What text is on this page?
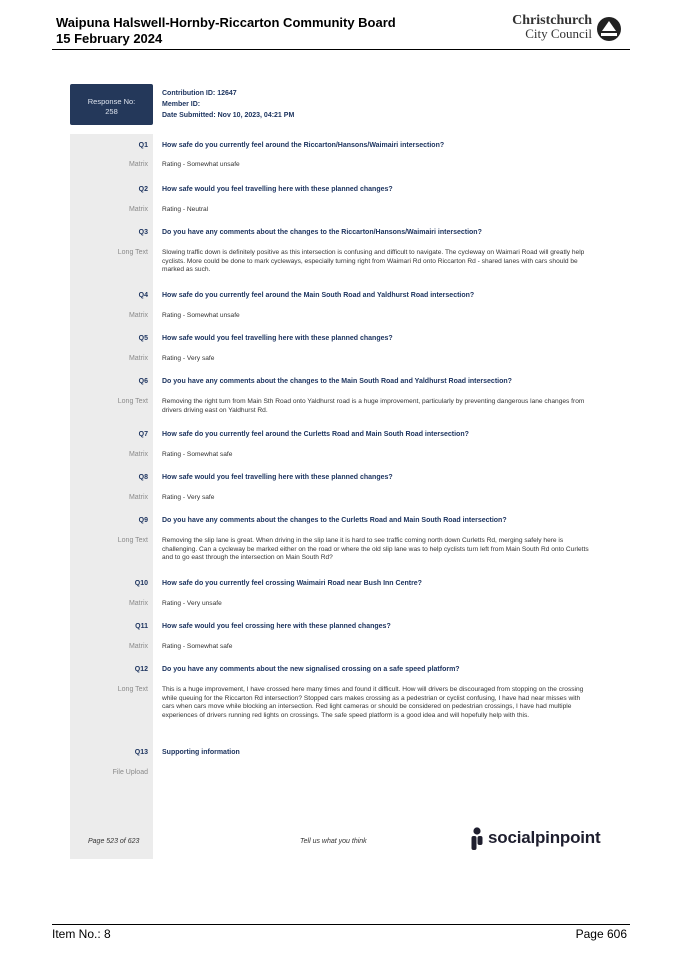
Waipuna Halswell-Hornby-Riccarton Community Board
15 February 2024
Christchurch
City Council
Response No:
258
Contribution ID: 12647
Member ID:
Date Submitted: Nov 10, 2023, 04:21 PM
Q1 How safe do you currently feel around the Riccarton/Hansons/Waimairi intersection?
Matrix Rating - Somewhat unsafe
Q2 How safe would you feel travelling here with these planned changes?
Matrix Rating - Neutral
Q3 Do you have any comments about the changes to the Riccarton/Hansons/Waimairi intersection?
Long Text Slowing traffic down is definitely positive as this intersection is confusing and difficult to navigate. The cycleway on Waimari Road will greatly help cyclists. More could be done to mark cycleways, especially turning right from Waimari Rd onto Riccarton Rd - shared lanes with cars should be marked as such.
Q4 How safe do you currently feel around the Main South Road and Yaldhurst Road intersection?
Matrix Rating - Somewhat unsafe
Q5 How safe would you feel travelling here with these planned changes?
Matrix Rating - Very safe
Q6 Do you have any comments about the changes to the Main South Road and Yaldhurst Road intersection?
Long Text Removing the right turn from Main Sth Road onto Yaldhurst road is a huge improvement, particularly by preventing dangerous lane changes from drivers driving east on Yaldhurst Rd.
Q7 How safe do you currently feel around the Curletts Road and Main South Road intersection?
Matrix Rating - Somewhat safe
Q8 How safe would you feel travelling here with these planned changes?
Matrix Rating - Very safe
Q9 Do you have any comments about the changes to the Curletts Road and Main South Road intersection?
Long Text Removing the slip lane is great. When driving in the slip lane it is hard to see traffic coming north down Curletts Rd, merging safely here is challenging. Can a cycleway be marked either on the road or where the old slip lane was to help cyclists turn left from Main South Rd onto Curletts and to go east through the intersection on Main South Rd?
Q10 How safe do you currently feel crossing Waimairi Road near Bush Inn Centre?
Matrix Rating - Very unsafe
Q11 How safe would you feel crossing here with these planned changes?
Matrix Rating - Somewhat safe
Q12 Do you have any comments about the new signalised crossing on a safe speed platform?
Long Text This is a huge improvement, I have crossed here many times and found it difficult. How will drivers be discouraged from stopping on the crossing while queuing for the Riccarton Rd intersection? Stopped cars makes crossing as a pedestrian or cyclist confusing, I have had near misses with cars when cars move while blocking an intersection. Red light cameras or should be considered on pedestrian crossings, I have had multiple experiences of drivers running red lights on crossings. The safe speed platform is a good idea and will hopefully help with this.
Q13 Supporting information
File Upload
Page 523 of 623	Tell us what you think	socialpinpoint
Item No.: 8	Page 606
